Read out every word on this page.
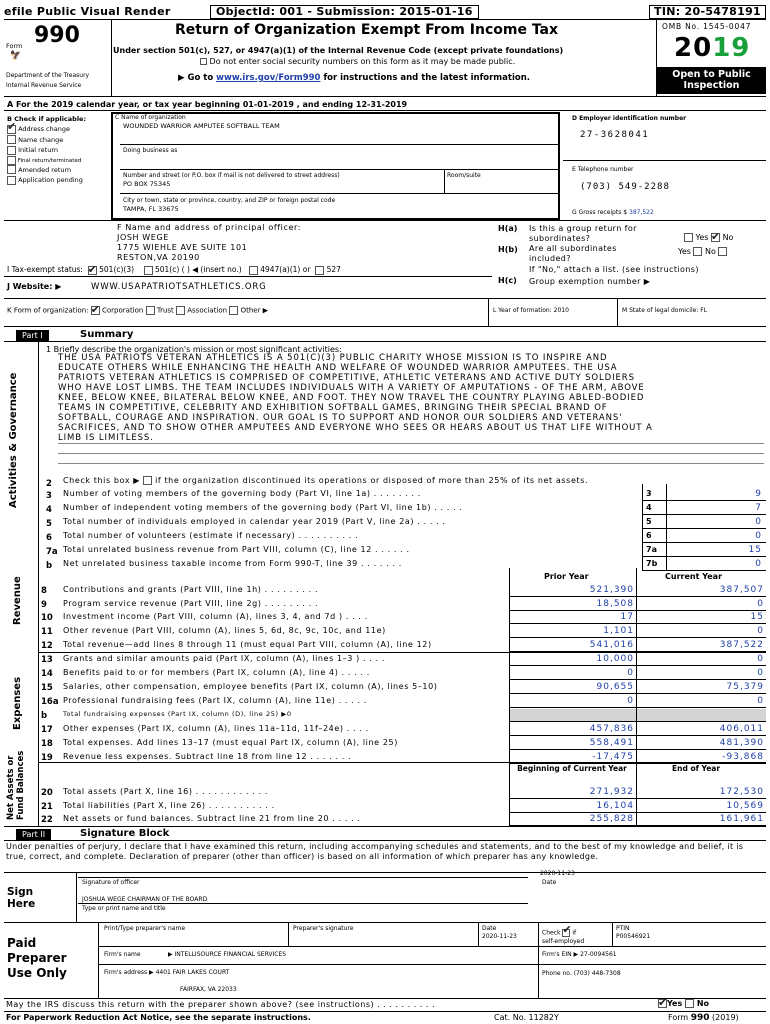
efile Public Visual Render	ObjectId: 001 - Submission: 2015-01-16	TIN: 20-5478191
Form 990
🦅
Department of the Treasury
Internal Revenue Service
Return of Organization Exempt From Income Tax
Under section 501(c), 527, or 4947(a)(1) of the Internal Revenue Code (except private foundations)
Do not enter social security numbers on this form as it may be made public.
▶ Go to www.irs.gov/Form990 for instructions and the latest information.
OMB No. 1545-0047
2019
Open to Public
Inspection
A For the 2019 calendar year, or tax year beginning 01-01-2019 , and ending 12-31-2019
B Check if applicable:
✔ Address change
Name change
Initial return
Final return/terminated
Amended return
Application pending
C Name of organization
WOUNDED WARRIOR AMPUTEE SOFTBALL TEAM
Doing business as
Number and street (or P.O. box if mail is not delivered to street address)	Room/suite
PO BOX 75345
City or town, state or province, country, and ZIP or foreign postal code
TAMPA, FL 33675
D Employer identification number
27-3628041
E Telephone number
(703) 549-2288
G Gross receipts $ 387,522
F Name and address of principal officer:
JOSH WEGE
1775 WIEHLE AVE SUITE 101
RESTON,VA 20190
H(a) Is this a group return for
subordinates?	Yes ✔ No
H(b) Are all subordinates
included?
Yes No
If "No," attach a list. (see instructions)
H(c) Group exemption number ▶
I Tax-exempt status: ✔ 501(c)(3)	501(c) ( ) ◀ (insert no.) 4947(a)(1) or 527
J Website: ▶	WWW.USAPATRIOTSATHLETICS.ORG
K Form of organization: ✔ Corporation Trust Association Other ▶	L Year of formation: 2010	M State of legal domicile: FL
Part I	Summary
Activities & Governance
Revenue
Expenses
Net Assets or Fund Balances
1 Briefly describe the organization's mission or most significant activities:
THE USA PATRIOTS VETERAN ATHLETICS IS A 501(C)(3) PUBLIC CHARITY WHOSE MISSION IS TO INSPIRE AND
EDUCATE OTHERS WHILE ENHANCING THE HEALTH AND WELFARE OF WOUNDED WARRIOR AMPUTEES. THE USA
PATRIOTS VETERAN ATHLETICS IS COMPRISED OF COMPETITIVE, ATHLETIC VETERANS AND ACTIVE DUTY SOLDIERS
WHO HAVE LOST LIMBS. THE TEAM INCLUDES INDIVIDUALS WITH A VARIETY OF AMPUTATIONS - OF THE ARM, ABOVE
KNEE, BELOW KNEE, BILATERAL BELOW KNEE, AND FOOT. THEY NOW TRAVEL THE COUNTRY PLAYING ABLED-BODIED
TEAMS IN COMPETITIVE, CELEBRITY AND EXHIBITION SOFTBALL GAMES, BRINGING THEIR SPECIAL BRAND OF
SOFTBALL, COURAGE AND INSPIRATION. OUR GOAL IS TO SUPPORT AND HONOR OUR SOLDIERS AND VETERANS'
SACRIFICES, AND TO SHOW OTHER AMPUTEES AND EVERYONE WHO SEES OR HEARS ABOUT US THAT LIFE WITHOUT A
LIMB IS LIMITLESS.
2 Check this box ▶ if the organization discontinued its operations or disposed of more than 25% of its net assets.
3 Number of voting members of the governing body (Part VI, line 1a) . . . . . . . .	3	9
4 Number of independent voting members of the governing body (Part VI, line 1b) . . . . .	4	7
5 Total number of individuals employed in calendar year 2019 (Part V, line 2a) . . . . .	5	0
6 Total number of volunteers (estimate if necessary) . . . . . . . . . .	6	0
7a Total unrelated business revenue from Part VIII, column (C), line 12 . . . . . .	7a	15
b Net unrelated business taxable income from Form 990-T, line 39 . . . . . . .	7b	0
8 Contributions and grants (Part VIII, line 1h) . . . . . . . . .	521,390	387,507
9 Program service revenue (Part VIII, line 2g) . . . . . . . . .	18,508	0
10 Investment income (Part VIII, column (A), lines 3, 4, and 7d ) . . . .	17	15
11 Other revenue (Part VIII, column (A), lines 5, 6d, 8c, 9c, 10c, and 11e)	1,101	0
12 Total revenue—add lines 8 through 11 (must equal Part VIII, column (A), line 12)	541,016	387,522
13 Grants and similar amounts paid (Part IX, column (A), lines 1–3 ) . . . .	10,000	0
14 Benefits paid to or for members (Part IX, column (A), line 4) . . . . .	0	0
15 Salaries, other compensation, employee benefits (Part IX, column (A), lines 5–10)	90,655	75,379
16a Professional fundraising fees (Part IX, column (A), line 11e) . . . . .	0	0
b Total fundraising expenses (Part IX, column (D), line 25) ▶0
17 Other expenses (Part IX, column (A), lines 11a–11d, 11f–24e) . . . .	457,836	406,011
18 Total expenses. Add lines 13–17 (must equal Part IX, column (A), line 25)	558,491	481,390
19 Revenue less expenses. Subtract line 18 from line 12 . . . . . . .	-17,475	-93,868
20 Total assets (Part X, line 16) . . . . . . . . . . . .	271,932	172,530
21 Total liabilities (Part X, line 26) . . . . . . . . . . .	16,104	10,569
22 Net assets or fund balances. Subtract line 21 from line 20 . . . . .	255,828	161,961
Prior Year	Current Year
Beginning of Current Year	End of Year
Part II	Signature Block
Under penalties of perjury, I declare that I have examined this return, including accompanying schedules and statements, and to the best of my knowledge and belief, it is true, correct, and complete. Declaration of preparer (other than officer) is based on all information of which preparer has any knowledge.
Sign
Here
2020-11-23
Signature of officer	Date
JOSHUA WEGE CHAIRMAN OF THE BOARD
Type or print name and title
Paid
Preparer
Use Only
Print/Type preparer's name	Preparer's signature	Date
2020-11-23	Check ✔ if
self-employed
PTIN
P00546921
Firm's name	▶ INTELLISOURCE FINANCIAL SERVICES	Firm's EIN ▶ 27-0094561
Firm's address ▶ 4401 FAIR LAKES COURT
FAIRFAX, VA 22033
Phone no. (703) 448-7308
May the IRS discuss this return with the preparer shown above? (see instructions) . . . . . . . . . . ✔	Yes No
For Paperwork Reduction Act Notice, see the separate instructions.	Cat. No. 11282Y	Form 990 (2019)
